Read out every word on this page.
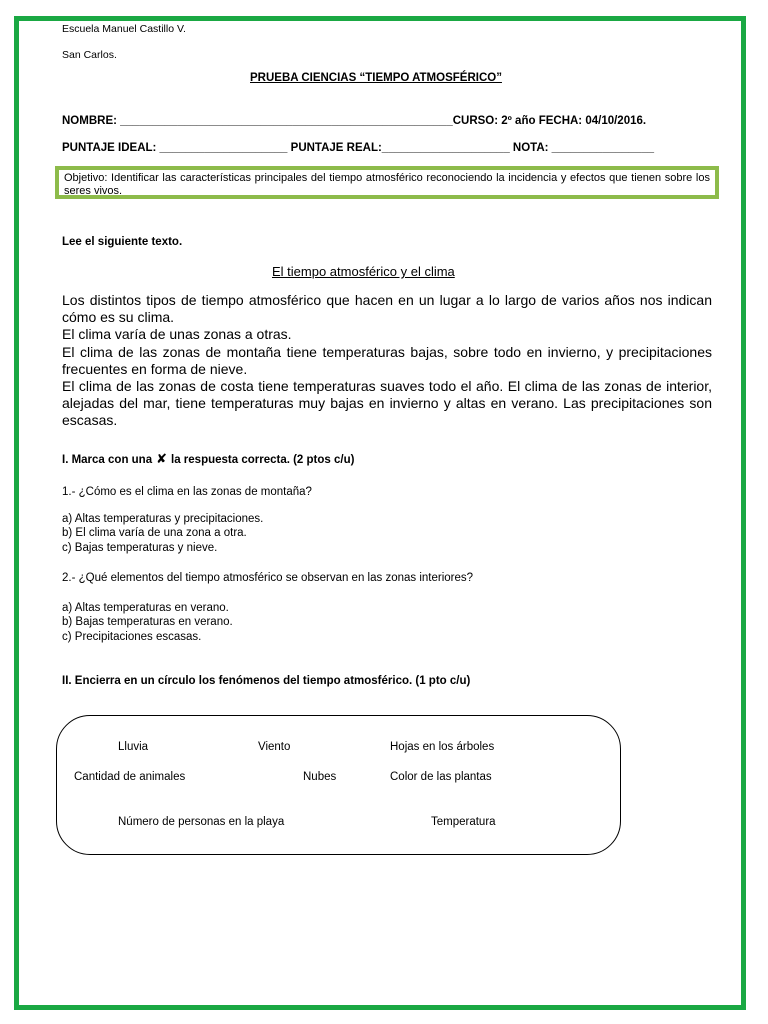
Escuela Manuel Castillo V.
San Carlos.
PRUEBA CIENCIAS “TIEMPO ATMOSFÉRICO”
NOMBRE: ____________________________________________________CURSO: 2º año FECHA: 04/10/2016.
PUNTAJE IDEAL: ____________________ PUNTAJE REAL:____________________ NOTA: ________________
Objetivo: Identificar las características principales del tiempo atmosférico reconociendo la incidencia y efectos que tienen sobre los seres vivos.
Lee el siguiente texto.
El tiempo atmosférico y el clima

Los distintos tipos de tiempo atmosférico que hacen en un lugar a lo largo de varios años nos indican cómo es su clima.

El clima varía de unas zonas a otras.

El clima de las zonas de montaña tiene temperaturas bajas, sobre todo en invierno, y precipitaciones frecuentes en forma de nieve.

El clima de las zonas de costa tiene temperaturas suaves todo el año. El clima de las zonas de interior, alejadas del mar, tiene temperaturas muy bajas en invierno y altas en verano. Las precipitaciones son escasas.

I. Marca con una ✘ la respuesta correcta. (2 ptos c/u)
1.- ¿Cómo es el clima en las zonas de montaña?
a) Altas temperaturas y precipitaciones.
b) El clima varía de una zona a otra.
c) Bajas temperaturas y nieve.
2.- ¿Qué elementos del tiempo atmosférico se observan en las zonas interiores?
a) Altas temperaturas en verano.
b) Bajas temperaturas en verano.
c) Precipitaciones escasas.
II. Encierra en un círculo los fenómenos del tiempo atmosférico. (1 pto c/u)
Lluvia	Viento	Hojas en los árboles
Cantidad de animales	Nubes	Color de las plantas
Número de personas en la playa	Temperatura
